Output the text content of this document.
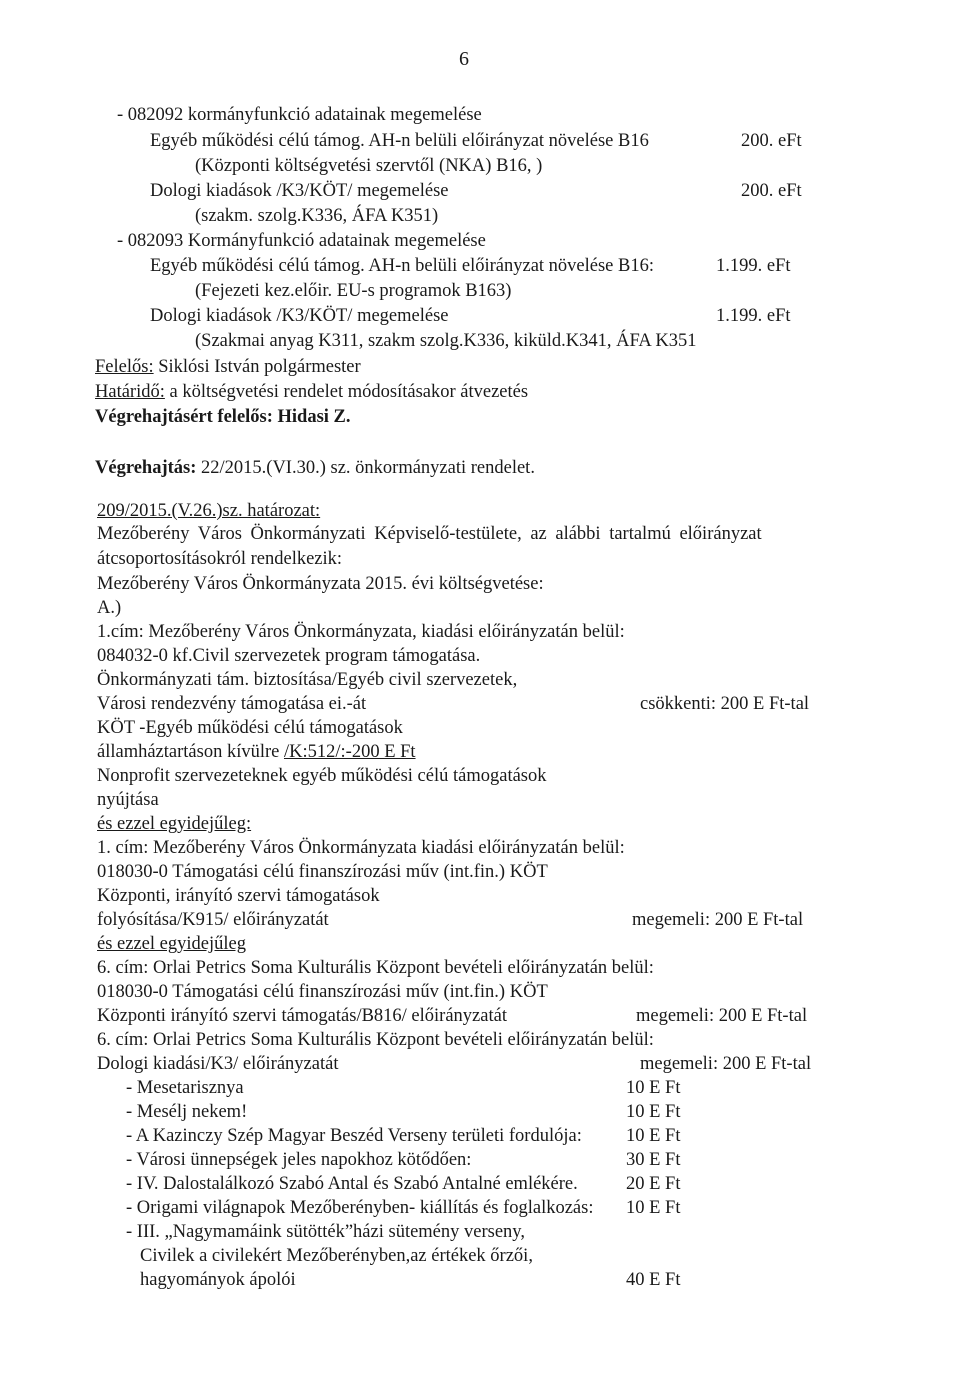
6
- 082092 kormányfunkció adatainak megemelése
Egyéb működési célú támog. AH-n belüli előirányzat növelése B16	200. eFt
(Központi költségvetési szervtől (NKA) B16, )
Dologi kiadások /K3/KÖT/ megemelése	200. eFt
(szakm. szolg.K336, ÁFA K351)
- 082093 Kormányfunkció adatainak megemelése
Egyéb működési célú támog. AH-n belüli előirányzat növelése B16:	1.199. eFt
(Fejezeti kez.előir. EU-s programok B163)
Dologi kiadások /K3/KÖT/ megemelése	1.199. eFt
(Szakmai anyag K311, szakm szolg.K336, kiküld.K341, ÁFA K351
Felelős: Siklósi István polgármester
Határidő: a költségvetési rendelet módosításakor átvezetés
Végrehajtásért felelős: Hidasi Z.
Végrehajtás: 22/2015.(VI.30.) sz. önkormányzati rendelet.
209/2015.(V.26.)sz. határozat:
Mezőberény Város Önkormányzati Képviselő-testülete, az alábbi tartalmú előirányzat
átcsoportosításokról rendelkezik:
Mezőberény Város Önkormányzata 2015. évi költségvetése:
A.)
1.cím: Mezőberény Város Önkormányzata, kiadási előirányzatán belül:
084032-0 kf.Civil szervezetek program támogatása.
Önkormányzati tám. biztosítása/Egyéb civil szervezetek,
Városi rendezvény támogatása ei.-át	csökkenti: 200 E Ft-tal
KÖT -Egyéb működési célú támogatások
államháztartáson kívülre /K:512/:-200 E Ft
Nonprofit szervezeteknek egyéb működési célú támogatások
nyújtása
és ezzel egyidejűleg:
1. cím: Mezőberény Város Önkormányzata kiadási előirányzatán belül:
018030-0 Támogatási célú finanszírozási műv (int.fin.) KÖT
Központi, irányító szervi támogatások
folyósítása/K915/ előirányzatát	megemeli: 200 E Ft-tal
és ezzel egyidejűleg
6. cím: Orlai Petrics Soma Kulturális Központ bevételi előirányzatán belül:
018030-0 Támogatási célú finanszírozási műv (int.fin.) KÖT
Központi irányító szervi támogatás/B816/ előirányzatát	megemeli: 200 E Ft-tal
6. cím: Orlai Petrics Soma Kulturális Központ bevételi előirányzatán belül:
Dologi kiadási/K3/ előirányzatát	megemeli: 200 E Ft-tal
- Mesetarisznya	10 E Ft
- Mesélj nekem!	10 E Ft
- A Kazinczy Szép Magyar Beszéd Verseny területi fordulója: 10 E Ft
- Városi ünnepségek jeles napokhoz kötődően:	30 E Ft
- IV. Dalostalálkozó Szabó Antal és Szabó Antalné emlékére.	20 E Ft
- Origami világnapok Mezőberényben- kiállítás és foglalkozás: 10 E Ft
- III. „Nagymamáink sütötték”házi sütemény verseny,
Civilek a civilekért Mezőberényben,az értékek őrzői,
hagyományok ápolói	40 E Ft
